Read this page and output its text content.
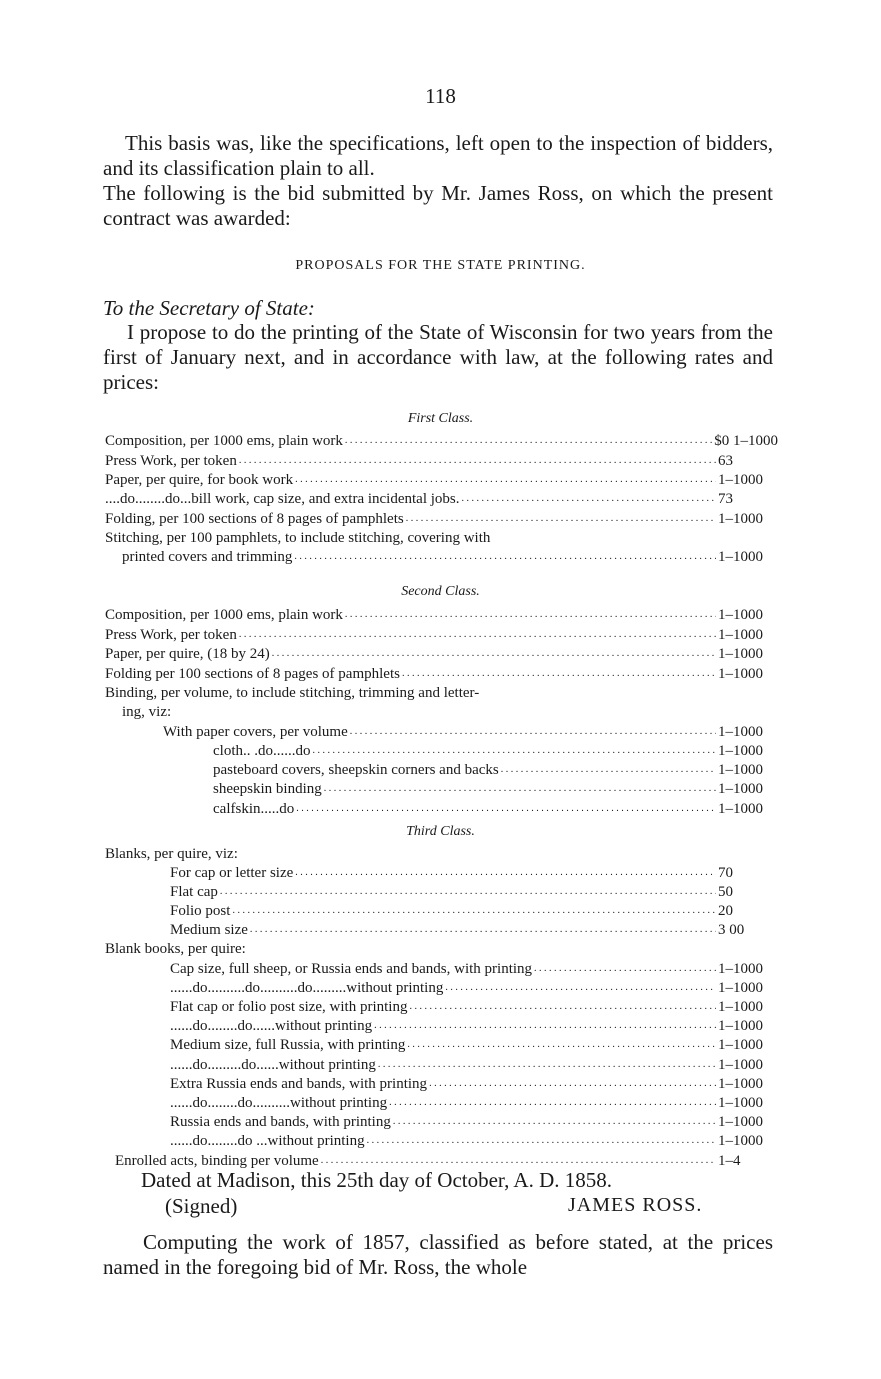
118

This basis was, like the specifications, left open to the inspection of bidders, and its classification plain to all.

The following is the bid submitted by Mr. James Ross, on which the present contract was awarded:

PROPOSALS FOR THE STATE PRINTING.
To the Secretary of State:

I propose to do the printing of the State of Wisconsin for two years from the first of January next, and in accordance with law, at the following rates and prices:

First Class.
Composition, per 1000 ems, plain work . . .	$0 1–1000
Press Work, per token . . .	63
Paper, per quire, for book work . . .	1–1000
....do........do...bill work, cap size, and extra incidental jobs. . . .	73
Folding, per 100 sections of 8 pages of pamphlets . . .	1–1000
Stitching, per 100 pamphlets, to include stitching, covering with
printed covers and trimming . . .	1–1000
Second Class.
Composition, per 1000 ems, plain work . . .	1–1000
Press Work, per token . . .	1–1000
Paper, per quire, (18 by 24) . . .	1–1000
Folding per 100 sections of 8 pages of pamphlets . . .	1–1000
Binding, per volume, to include stitching, trimming and letter-
ing, viz:
With paper covers, per volume . . .	1–1000
cloth.. .do......do . . .	1–1000
pasteboard covers, sheepskin corners and backs . . .	1–1000
sheepskin binding . . .	1–1000
calfskin.....do . . .	1–1000
Third Class.
Blanks, per quire, viz:
For cap or letter size . . .	70
Flat cap . . .	50
Folio post . . .	20
Medium size . . .	3 00
Blank books, per quire:
Cap size, full sheep, or Russia ends and bands, with printing . . .	1–1000
......do..........do..........do.........without printing . . .	1–1000
Flat cap or folio post size, with printing . . .	1–1000
......do........do......without printing . . .	1–1000
Medium size, full Russia, with printing . . .	1–1000
......do.........do......without printing . . .	1–1000
Extra Russia ends and bands, with printing . . .	1–1000
......do........do..........without printing . . .	1–1000
Russia ends and bands, with printing . . .	1–1000
......do........do ...without printing . . .	1–1000
Enrolled acts, binding per volume . . .	1–4
Dated at Madison, this 25th day of October, A. D. 1858.
(Signed)	JAMES ROSS.

Computing the work of 1857, classified as before stated, at the prices named in the foregoing bid of Mr. Ross, the whole
